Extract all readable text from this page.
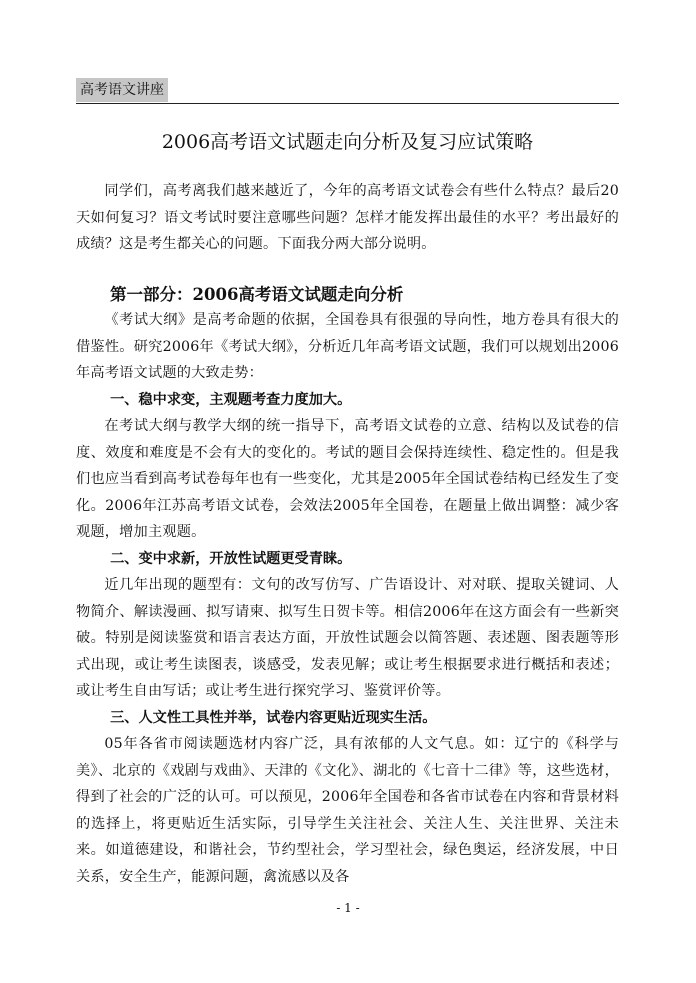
高考语文讲座
2006高考语文试题走向分析及复习应试策略

同学们，高考离我们越来越近了，今年的高考语文试卷会有些什么特点？最后20天如何复习？语文考试时要注意哪些问题？怎样才能发挥出最佳的水平？考出最好的成绩？这是考生都关心的问题。下面我分两大部分说明。

第一部分：2006高考语文试题走向分析

《考试大纲》是高考命题的依据，全国卷具有很强的导向性，地方卷具有很大的借鉴性。研究2006年《考试大纲》，分析近几年高考语文试题，我们可以规划出2006年高考语文试题的大致走势：

一、稳中求变，主观题考查力度加大。

在考试大纲与教学大纲的统一指导下，高考语文试卷的立意、结构以及试卷的信度、效度和难度是不会有大的变化的。考试的题目会保持连续性、稳定性的。但是我们也应当看到高考试卷每年也有一些变化，尤其是2005年全国试卷结构已经发生了变化。2006年江苏高考语文试卷，会效法2005年全国卷，在题量上做出调整：减少客观题，增加主观题。

二、变中求新，开放性试题更受青睐。

近几年出现的题型有：文句的改写仿写、广告语设计、对对联、提取关键词、人物简介、解读漫画、拟写请柬、拟写生日贺卡等。相信2006年在这方面会有一些新突破。特别是阅读鉴赏和语言表达方面，开放性试题会以简答题、表述题、图表题等形式出现，或让考生读图表，谈感受，发表见解；或让考生根据要求进行概括和表述；或让考生自由写话；或让考生进行探究学习、鉴赏评价等。

三、人文性工具性并举，试卷内容更贴近现实生活。

05年各省市阅读题选材内容广泛，具有浓郁的人文气息。如：辽宁的《科学与美》、北京的《戏剧与戏曲》、天津的《文化》、湖北的《七音十二律》等，这些选材，得到了社会的广泛的认可。可以预见，2006年全国卷和各省市试卷在内容和背景材料的选择上，将更贴近生活实际，引导学生关注社会、关注人生、关注世界、关注未来。如道德建设，和谐社会，节约型社会，学习型社会，绿色奥运，经济发展，中日关系，安全生产，能源问题，禽流感以及各

- 1 -
